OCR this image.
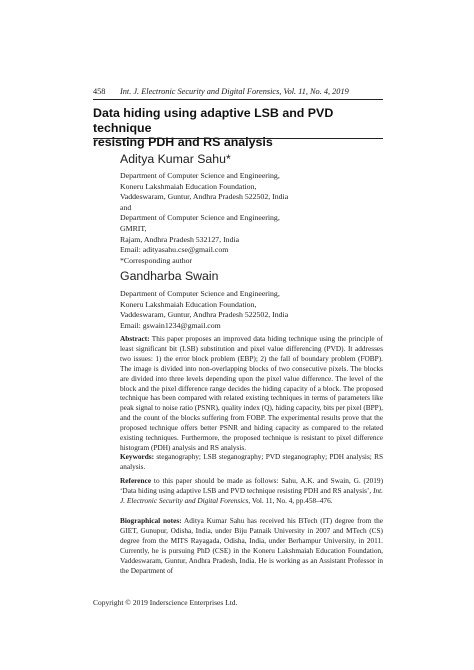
458 Int. J. Electronic Security and Digital Forensics, Vol. 11, No. 4, 2019
Data hiding using adaptive LSB and PVD technique
resisting PDH and RS analysis
Aditya Kumar Sahu*
Department of Computer Science and Engineering,
Koneru Lakshmaiah Education Foundation,
Vaddeswaram, Guntur, Andhra Pradesh 522502, India
and
Department of Computer Science and Engineering,
GMRIT,
Rajam, Andhra Pradesh 532127, India
Email: adityasahu.cse@gmail.com
*Corresponding author
Gandharba Swain
Department of Computer Science and Engineering,
Koneru Lakshmaiah Education Foundation,
Vaddeswaram, Guntur, Andhra Pradesh 522502, India
Email: gswain1234@gmail.com
Abstract: This paper proposes an improved data hiding technique using the principle of least significant bit (LSB) substitution and pixel value differencing (PVD). It addresses two issues: 1) the error block problem (EBP); 2) the fall of boundary problem (FOBP). The image is divided into non-overlapping blocks of two consecutive pixels. The blocks are divided into three levels depending upon the pixel value difference. The level of the block and the pixel difference range decides the hiding capacity of a block. The proposed technique has been compared with related existing techniques in terms of parameters like peak signal to noise ratio (PSNR), quality index (Q), hiding capacity, bits per pixel (BPP), and the count of the blocks suffering from FOBP. The experimental results prove that the proposed technique offers better PSNR and hiding capacity as compared to the related existing techniques. Furthermore, the proposed technique is resistant to pixel difference histogram (PDH) analysis and RS analysis.
Keywords: steganography; LSB steganography; PVD steganography; PDH analysis; RS analysis.
Reference to this paper should be made as follows: Sahu, A.K. and Swain, G. (2019) ‘Data hiding using adaptive LSB and PVD technique resisting PDH and RS analysis’, Int. J. Electronic Security and Digital Forensics, Vol. 11, No. 4, pp.458–476.
Biographical notes: Aditya Kumar Sahu has received his BTech (IT) degree from the GIET, Gunupur, Odisha, India, under Biju Patnaik University in 2007 and MTech (CS) degree from the MITS Rayagada, Odisha, India, under Berhampur University, in 2011. Currently, he is pursuing PhD (CSE) in the Koneru Lakshmaiah Education Foundation, Vaddeswaram, Guntur, Andhra Pradesh, India. He is working as an Assistant Professor in the Department of
Copyright © 2019 Inderscience Enterprises Ltd.
